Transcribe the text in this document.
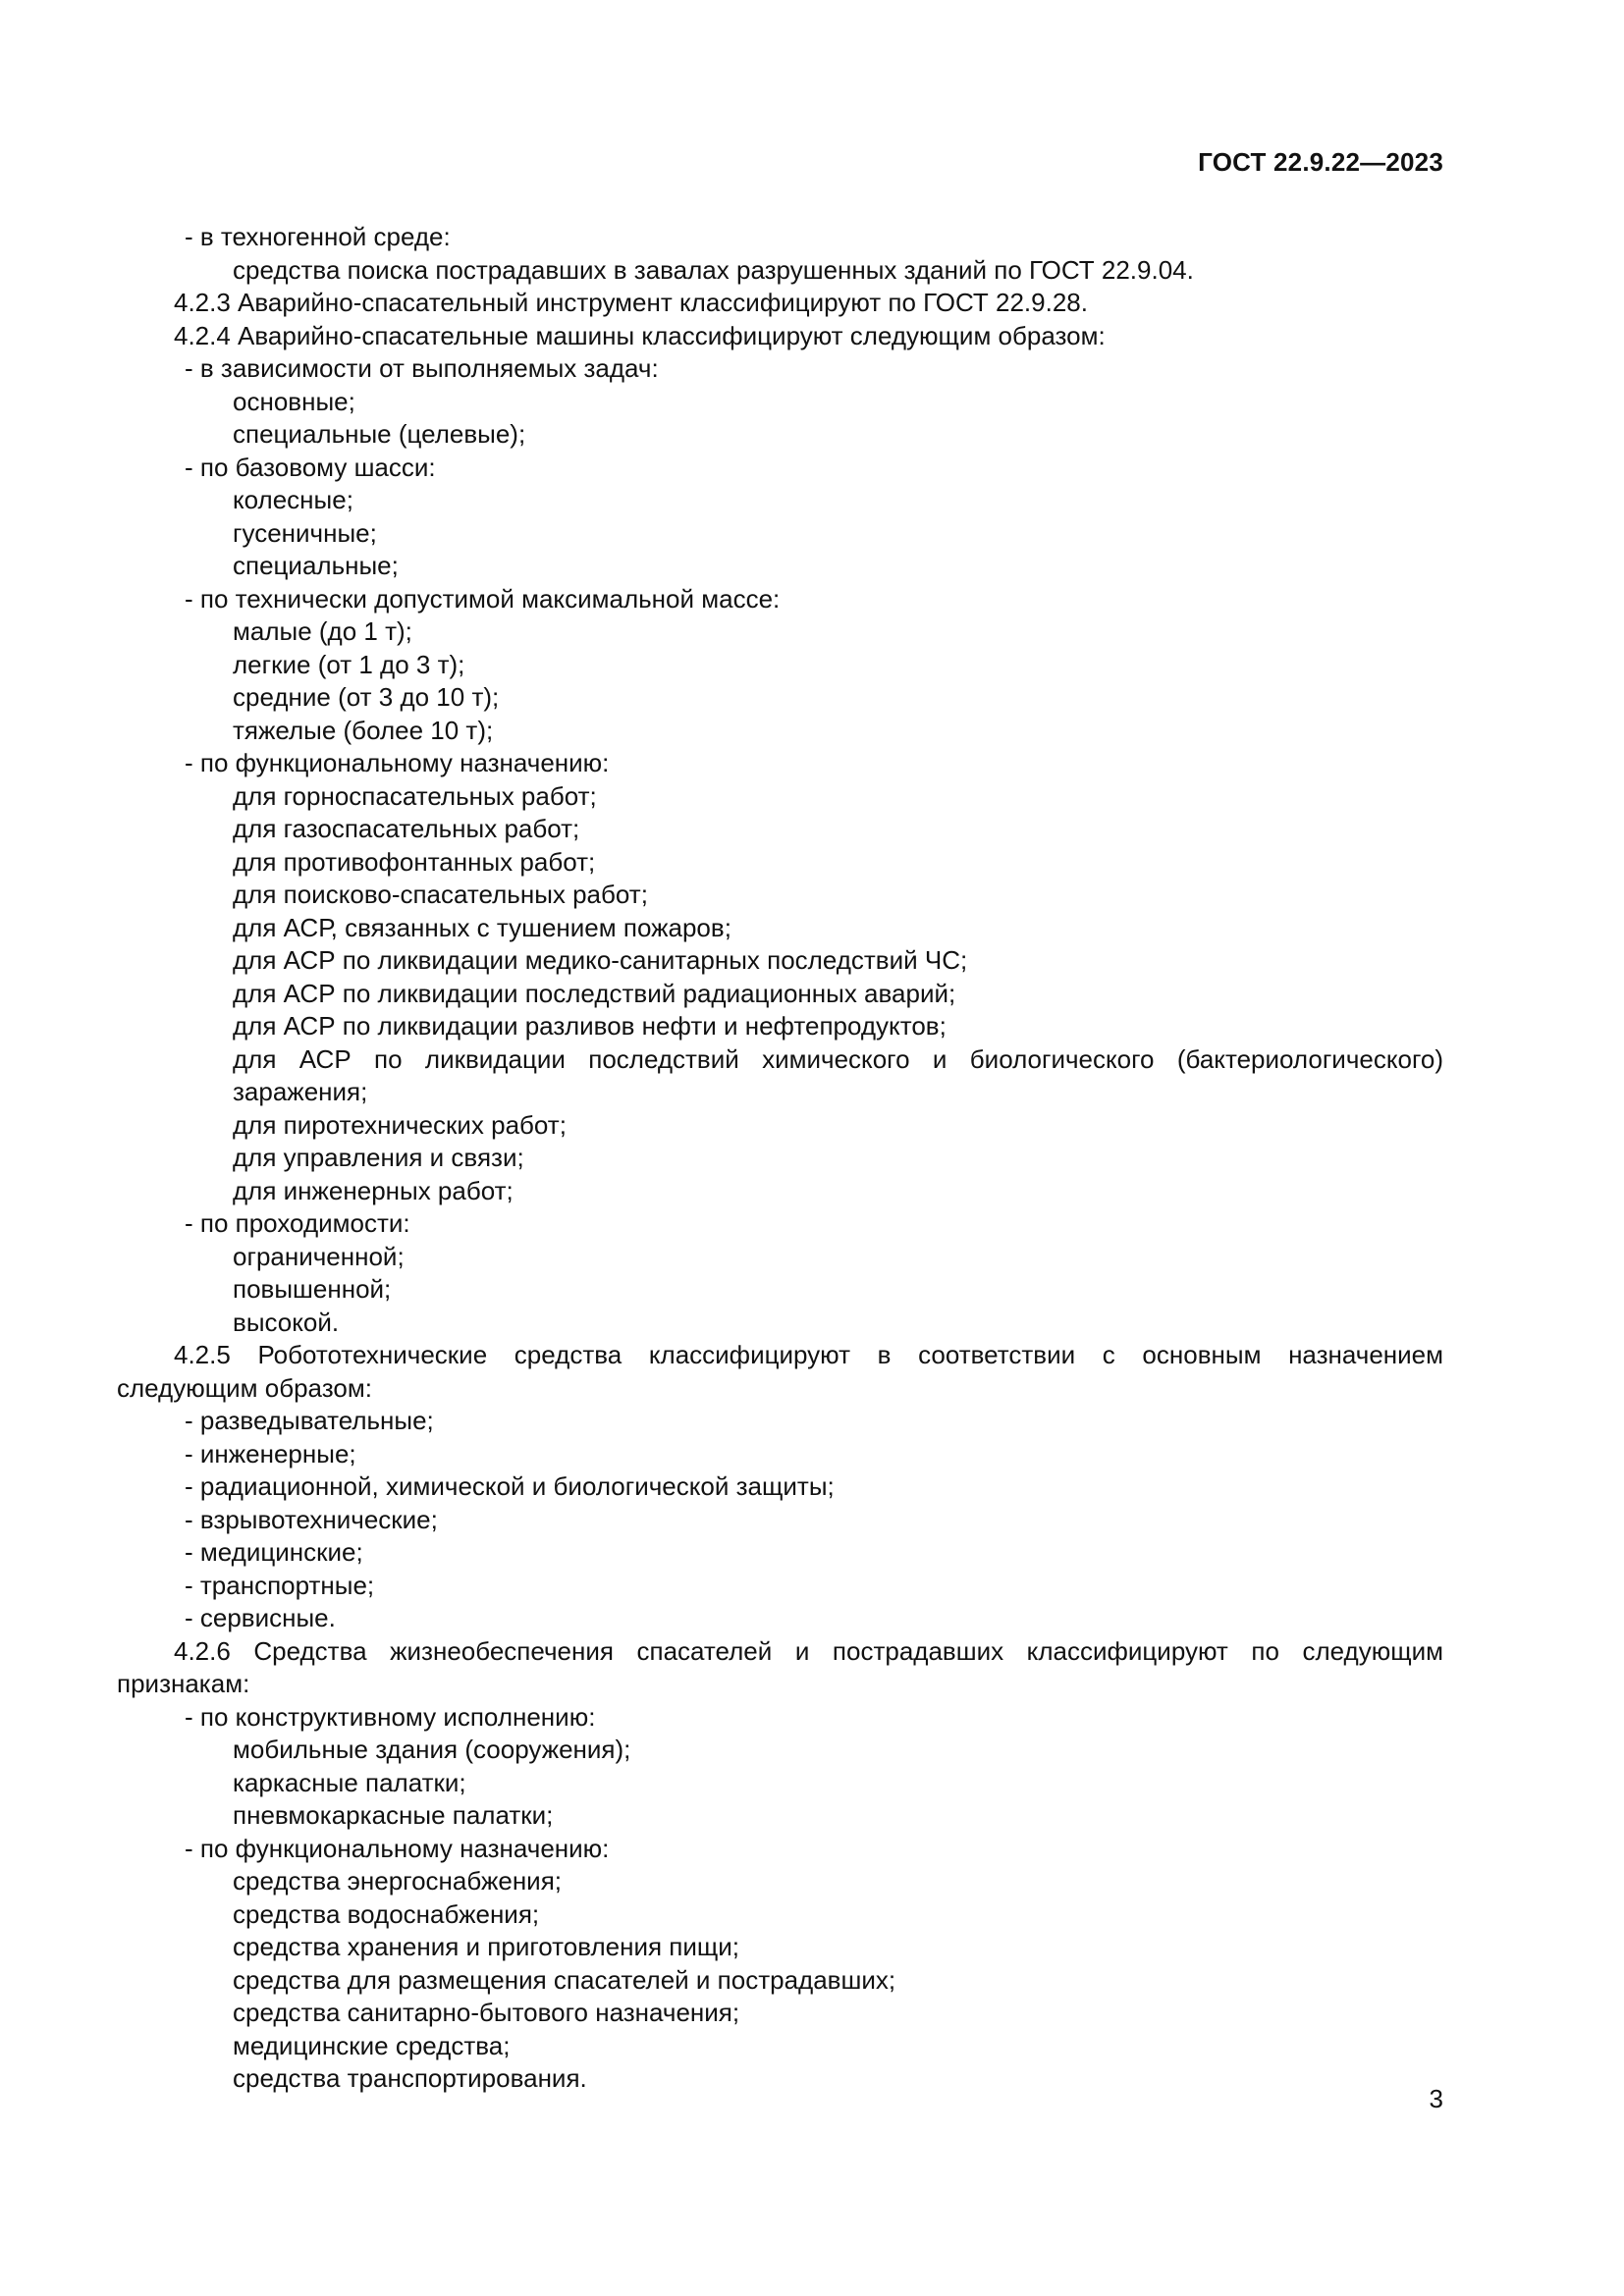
ГОСТ 22.9.22—2023
- в техногенной среде:
средства поиска пострадавших в завалах разрушенных зданий по ГОСТ 22.9.04.
4.2.3 Аварийно-спасательный инструмент классифицируют по ГОСТ 22.9.28.
4.2.4 Аварийно-спасательные машины классифицируют следующим образом:
- в зависимости от выполняемых задач:
основные;
специальные (целевые);
- по базовому шасси:
колесные;
гусеничные;
специальные;
- по технически допустимой максимальной массе:
малые (до 1 т);
легкие (от 1 до 3 т);
средние (от 3 до 10 т);
тяжелые (более 10 т);
- по функциональному назначению:
для горноспасательных работ;
для газоспасательных работ;
для противофонтанных работ;
для поисково-спасательных работ;
для АСР, связанных с тушением пожаров;
для АСР по ликвидации медико-санитарных последствий ЧС;
для АСР по ликвидации последствий радиационных аварий;
для АСР по ликвидации разливов нефти и нефтепродуктов;
для АСР по ликвидации последствий химического и биологического (бактериологического)
заражения;
для пиротехнических работ;
для управления и связи;
для инженерных работ;
- по проходимости:
ограниченной;
повышенной;
высокой.
4.2.5 Робототехнические средства классифицируют в соответствии с основным назначением
следующим образом:
- разведывательные;
- инженерные;
- радиационной, химической и биологической защиты;
- взрывотехнические;
- медицинские;
- транспортные;
- сервисные.
4.2.6 Средства жизнеобеспечения спасателей и пострадавших классифицируют по следующим
признакам:
- по конструктивному исполнению:
мобильные здания (сооружения);
каркасные палатки;
пневмокаркасные палатки;
- по функциональному назначению:
средства энергоснабжения;
средства водоснабжения;
средства хранения и приготовления пищи;
средства для размещения спасателей и пострадавших;
средства санитарно-бытового назначения;
медицинские средства;
средства транспортирования.
3
